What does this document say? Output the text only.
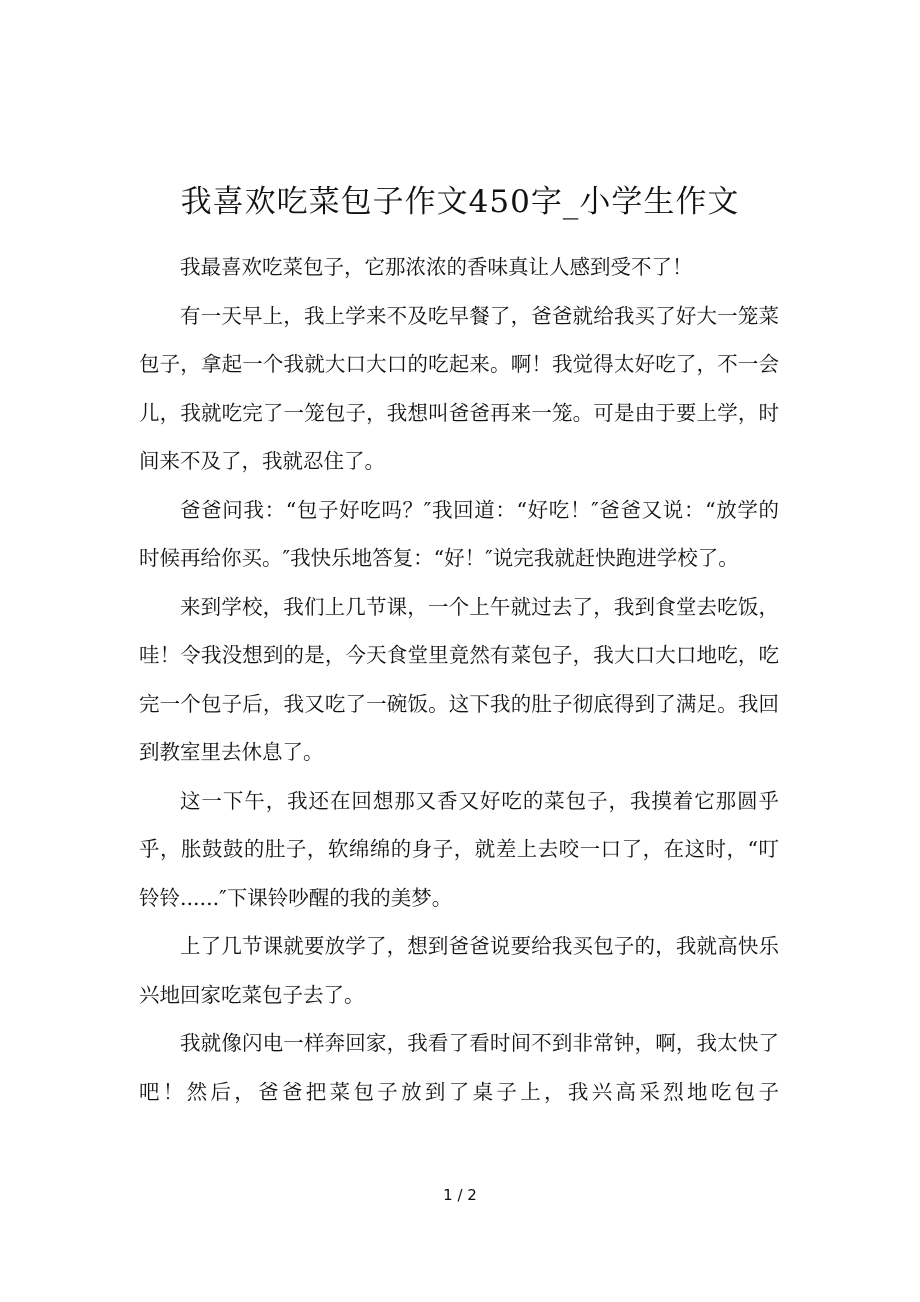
我喜欢吃菜包子作文450字_小学生作文

我最喜欢吃菜包子，它那浓浓的香味真让人感到受不了！

有一天早上，我上学来不及吃早餐了，爸爸就给我买了好大一笼菜包子，拿起一个我就大口大口的吃起来。啊！我觉得太好吃了，不一会儿，我就吃完了一笼包子，我想叫爸爸再来一笼。可是由于要上学，时间来不及了，我就忍住了。

爸爸问我：“包子好吃吗？″我回道：“好吃！″爸爸又说：“放学的时候再给你买。″我快乐地答复：“好！″说完我就赶快跑进学校了。

来到学校，我们上几节课，一个上午就过去了，我到食堂去吃饭，哇！令我没想到的是，今天食堂里竟然有菜包子，我大口大口地吃，吃完一个包子后，我又吃了一碗饭。这下我的肚子彻底得到了满足。我回到教室里去休息了。

这一下午，我还在回想那又香又好吃的菜包子，我摸着它那圆乎乎，胀鼓鼓的肚子，软绵绵的身子，就差上去咬一口了，在这时，“叮铃铃......″下课铃吵醒的我的美梦。

上了几节课就要放学了，想到爸爸说要给我买包子的，我就高快乐兴地回家吃菜包子去了。

我就像闪电一样奔回家，我看了看时间不到非常钟，啊，我太快了吧！然后，爸爸把菜包子放到了桌子上，我兴高采烈地吃包子

1 / 2
